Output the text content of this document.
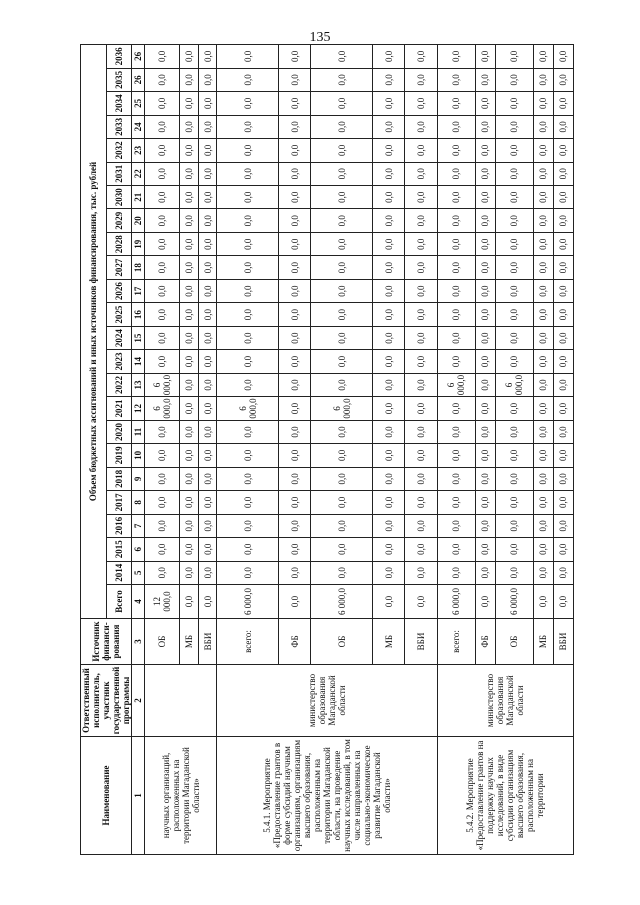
135
Наименование	Ответственный исполнитель, участник государственной программы	Источник финанси-рования	Объем бюджетных ассигнований и иных источников финансирования, тыс. рублей																							
			Всего	2014	2015	2016	2017	2018	2019	2020	2021	2022	2023	2024	2025	2026	2027	2028	2029	2030	2031	2032	2033	2034	2035	2036
1	2	3	4	5	6	7	8	9	10	11	12	13	14	15	16	17	18	19	20	21	22	23	24	25	26	26
научных организаций, расположенных на территории Магаданской области»		ОБ	12 000,0	0,0	0,0	0,0	0,0	0,0	0,0	0,0	6 000,0	6 000,0	0,0	0,0	0,0	0,0	0,0	0,0	0,0	0,0	0,0	0,0	0,0	0,0	0,0	0,0
		МБ	0,0	0,0	0,0	0,0	0,0	0,0	0,0	0,0	0,0	0,0	0,0	0,0	0,0	0,0	0,0	0,0	0,0	0,0	0,0	0,0	0,0	0,0	0,0	0,0
		ВБИ	0,0	0,0	0,0	0,0	0,0	0,0	0,0	0,0	0,0	0,0	0,0	0,0	0,0	0,0	0,0	0,0	0,0	0,0	0,0	0,0	0,0	0,0	0,0	0,0
5.4.1. Мероприятие «Предоставление грантов в форме субсидий научным организациям, организациям высшего образования, расположенным на территории Магаданской области, на проведение научных исследований, в том числе направленных на социально-экономическое развитие Магаданской области»	министерство образования Магаданской области	всего:	6 000,0	0,0	0,0	0,0	0,0	0,0	0,0	0,0	6 000,0	0,0	0,0	0,0	0,0	0,0	0,0	0,0	0,0	0,0	0,0	0,0	0,0	0,0	0,0	0,0
		ФБ	0,0	0,0	0,0	0,0	0,0	0,0	0,0	0,0	0,0	0,0	0,0	0,0	0,0	0,0	0,0	0,0	0,0	0,0	0,0	0,0	0,0	0,0	0,0	0,0
		ОБ	6 000,0	0,0	0,0	0,0	0,0	0,0	0,0	0,0	6 000,0	0,0	0,0	0,0	0,0	0,0	0,0	0,0	0,0	0,0	0,0	0,0	0,0	0,0	0,0	0,0
		МБ	0,0	0,0	0,0	0,0	0,0	0,0	0,0	0,0	0,0	0,0	0,0	0,0	0,0	0,0	0,0	0,0	0,0	0,0	0,0	0,0	0,0	0,0	0,0	0,0
		ВБИ	0,0	0,0	0,0	0,0	0,0	0,0	0,0	0,0	0,0	0,0	0,0	0,0	0,0	0,0	0,0	0,0	0,0	0,0	0,0	0,0	0,0	0,0	0,0	0,0
5.4.2. Мероприятие «Предоставление грантов на поддержку научных исследований, в виде субсидии организациям высшего образования, расположенным на территории	министерство образования Магаданской области	всего:	6 000,0	0,0	0,0	0,0	0,0	0,0	0,0	0,0	0,0	6 000,0	0,0	0,0	0,0	0,0	0,0	0,0	0,0	0,0	0,0	0,0	0,0	0,0	0,0	0,0
		ФБ	0,0	0,0	0,0	0,0	0,0	0,0	0,0	0,0	0,0	0,0	0,0	0,0	0,0	0,0	0,0	0,0	0,0	0,0	0,0	0,0	0,0	0,0	0,0	0,0
		ОБ	6 000,0	0,0	0,0	0,0	0,0	0,0	0,0	0,0	0,0	6 000,0	0,0	0,0	0,0	0,0	0,0	0,0	0,0	0,0	0,0	0,0	0,0	0,0	0,0	0,0
		МБ	0,0	0,0	0,0	0,0	0,0	0,0	0,0	0,0	0,0	0,0	0,0	0,0	0,0	0,0	0,0	0,0	0,0	0,0	0,0	0,0	0,0	0,0	0,0	0,0
		ВБИ	0,0	0,0	0,0	0,0	0,0	0,0	0,0	0,0	0,0	0,0	0,0	0,0	0,0	0,0	0,0	0,0	0,0	0,0	0,0	0,0	0,0	0,0	0,0	0,0
